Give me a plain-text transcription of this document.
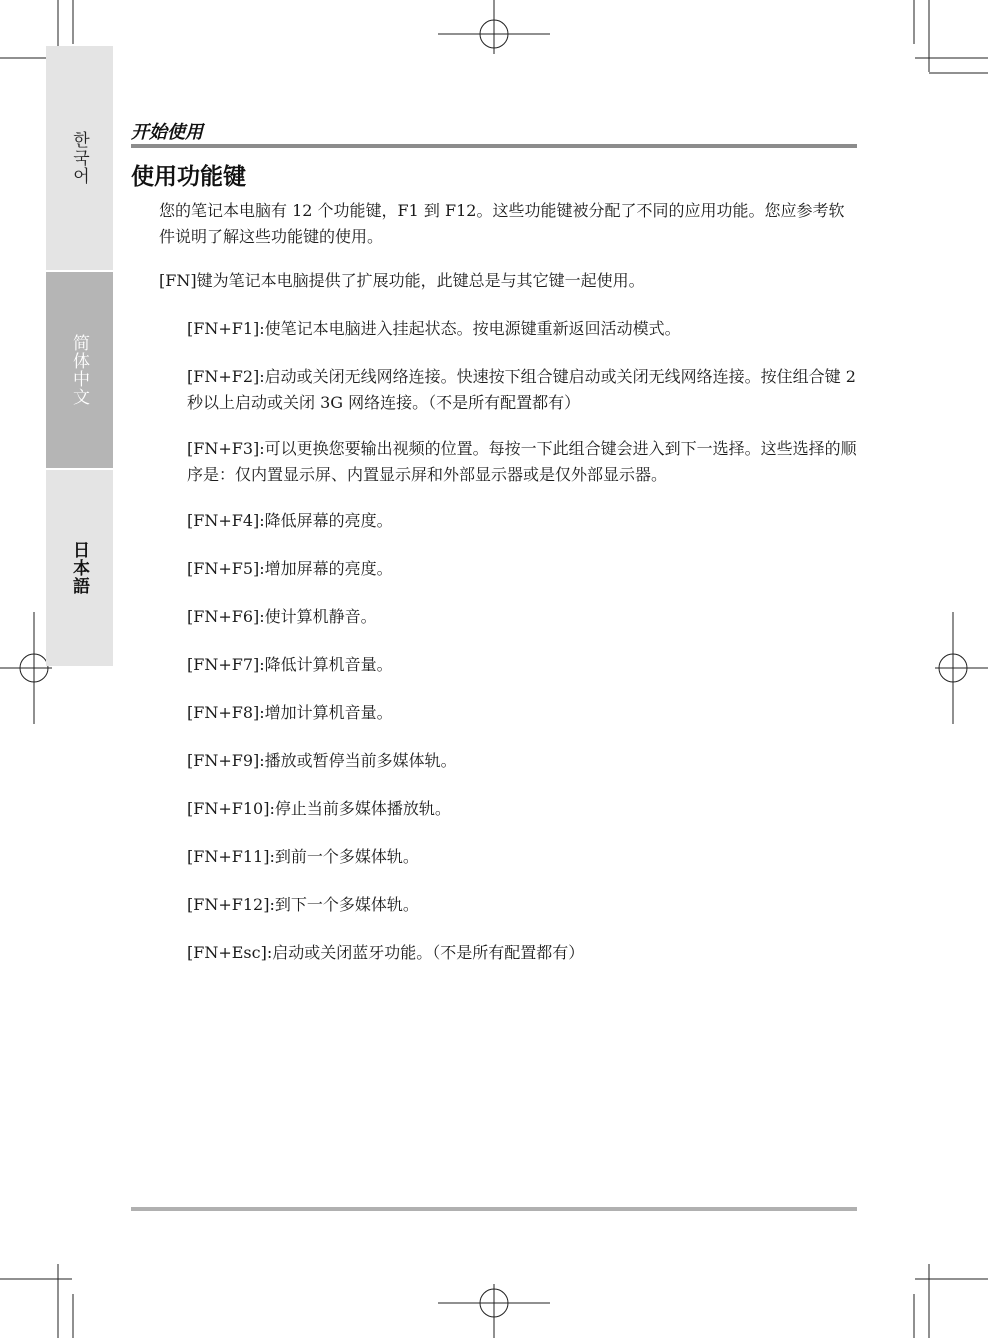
한국어
简体中文
日本語
开始使用
使用功能键
您的笔记本电脑有 12 个功能键，F1 到 F12。这些功能键被分配了不同的应用功能。您应参考软件说明了解这些功能键的使用。
[FN]键为笔记本电脑提供了扩展功能，此键总是与其它键一起使用。
[FN+F1]:使笔记本电脑进入挂起状态。按电源键重新返回活动模式。
[FN+F2]:启动或关闭无线网络连接。快速按下组合键启动或关闭无线网络连接。按住组合键 2 秒以上启动或关闭 3G 网络连接。（不是所有配置都有）
[FN+F3]:可以更换您要输出视频的位置。每按一下此组合键会进入到下一选择。这些选择的顺序是：仅内置显示屏、内置显示屏和外部显示器或是仅外部显示器。
[FN+F4]:降低屏幕的亮度。
[FN+F5]:增加屏幕的亮度。
[FN+F6]:使计算机静音。
[FN+F7]:降低计算机音量。
[FN+F8]:增加计算机音量。
[FN+F9]:播放或暂停当前多媒体轨。
[FN+F10]:停止当前多媒体播放轨。
[FN+F11]:到前一个多媒体轨。
[FN+F12]:到下一个多媒体轨。
[FN+Esc]:启动或关闭蓝牙功能。（不是所有配置都有）
